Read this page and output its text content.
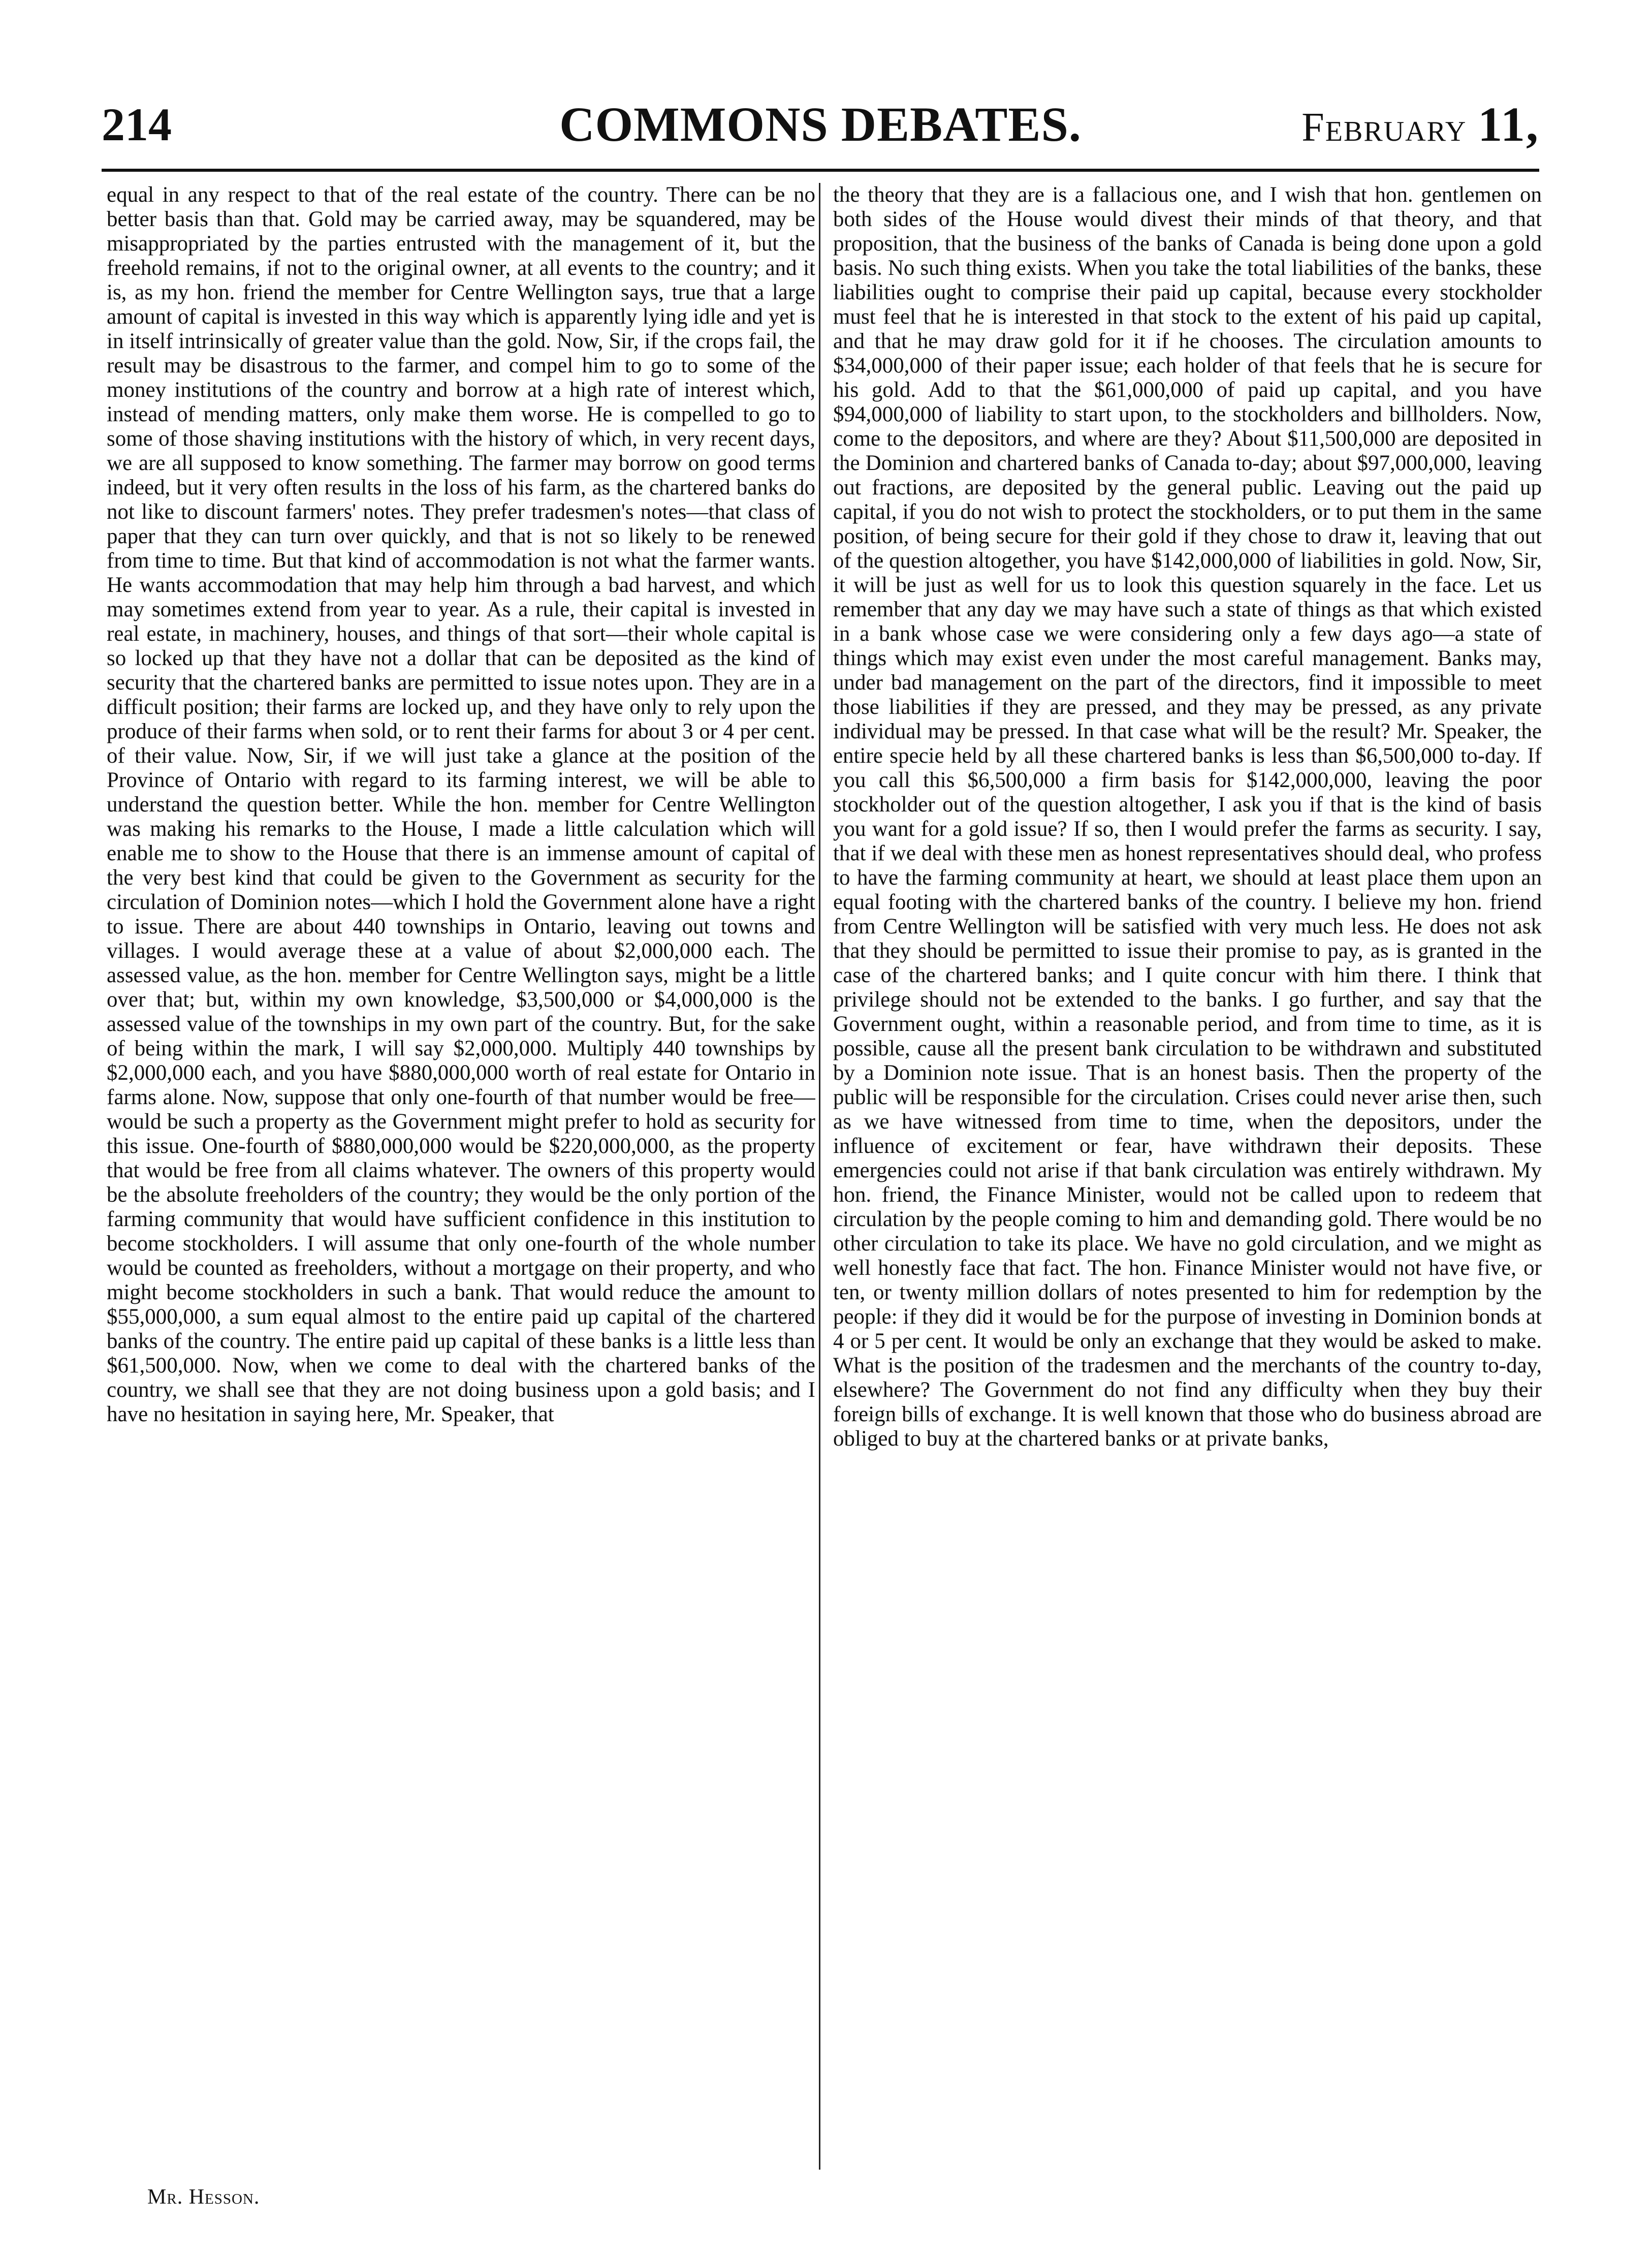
214	COMMONS DEBATES.	February 11,

equal in any respect to that of the real estate of the country. There can be no better basis than that. Gold may be carried away, may be squandered, may be misappropriated by the parties entrusted with the management of it, but the freehold remains, if not to the original owner, at all events to the country; and it is, as my hon. friend the member for Centre Wellington says, true that a large amount of capital is invested in this way which is apparently lying idle and yet is in itself intrinsically of greater value than the gold. Now, Sir, if the crops fail, the result may be disastrous to the farmer, and compel him to go to some of the money institutions of the country and borrow at a high rate of interest which, instead of mending matters, only make them worse. He is compelled to go to some of those shaving institutions with the history of which, in very recent days, we are all supposed to know something. The farmer may borrow on good terms indeed, but it very often results in the loss of his farm, as the chartered banks do not like to discount farmers' notes. They prefer tradesmen's notes—that class of paper that they can turn over quickly, and that is not so likely to be renewed from time to time. But that kind of accommodation is not what the farmer wants. He wants accommodation that may help him through a bad harvest, and which may sometimes extend from year to year. As a rule, their capital is invested in real estate, in machinery, houses, and things of that sort—their whole capital is so locked up that they have not a dollar that can be deposited as the kind of security that the chartered banks are permitted to issue notes upon. They are in a difficult position; their farms are locked up, and they have only to rely upon the produce of their farms when sold, or to rent their farms for about 3 or 4 per cent. of their value. Now, Sir, if we will just take a glance at the position of the Province of Ontario with regard to its farming interest, we will be able to understand the question better. While the hon. member for Centre Wellington was making his remarks to the House, I made a little calculation which will enable me to show to the House that there is an immense amount of capital of the very best kind that could be given to the Government as security for the circulation of Dominion notes—which I hold the Government alone have a right to issue. There are about 440 townships in Ontario, leaving out towns and villages. I would average these at a value of about $2,000,000 each. The assessed value, as the hon. member for Centre Wellington says, might be a little over that; but, within my own knowledge, $3,500,000 or $4,000,000 is the assessed value of the townships in my own part of the country. But, for the sake of being within the mark, I will say $2,000,000. Multiply 440 townships by $2,000,000 each, and you have $880,000,000 worth of real estate for Ontario in farms alone. Now, suppose that only one-fourth of that number would be free—would be such a property as the Government might prefer to hold as security for this issue. One-fourth of $880,000,000 would be $220,000,000, as the property that would be free from all claims whatever. The owners of this property would be the absolute freeholders of the country; they would be the only portion of the farming community that would have sufficient confidence in this institution to become stockholders. I will assume that only one-fourth of the whole number would be counted as freeholders, without a mortgage on their property, and who might become stockholders in such a bank. That would reduce the amount to $55,000,000, a sum equal almost to the entire paid up capital of the chartered banks of the country. The entire paid up capital of these banks is a little less than $61,500,000. Now, when we come to deal with the chartered banks of the country, we shall see that they are not doing business upon a gold basis; and I have no hesitation in saying here, Mr. Speaker, that

the theory that they are is a fallacious one, and I wish that hon. gentlemen on both sides of the House would divest their minds of that theory, and that proposition, that the business of the banks of Canada is being done upon a gold basis. No such thing exists. When you take the total liabilities of the banks, these liabilities ought to comprise their paid up capital, because every stockholder must feel that he is interested in that stock to the extent of his paid up capital, and that he may draw gold for it if he chooses. The circulation amounts to $34,000,000 of their paper issue; each holder of that feels that he is secure for his gold. Add to that the $61,000,000 of paid up capital, and you have $94,000,000 of liability to start upon, to the stockholders and billholders. Now, come to the depositors, and where are they? About $11,500,000 are deposited in the Dominion and chartered banks of Canada to-day; about $97,000,000, leaving out fractions, are deposited by the general public. Leaving out the paid up capital, if you do not wish to protect the stockholders, or to put them in the same position, of being secure for their gold if they chose to draw it, leaving that out of the question altogether, you have $142,000,000 of liabilities in gold. Now, Sir, it will be just as well for us to look this question squarely in the face. Let us remember that any day we may have such a state of things as that which existed in a bank whose case we were considering only a few days ago—a state of things which may exist even under the most careful management. Banks may, under bad management on the part of the directors, find it impossible to meet those liabilities if they are pressed, and they may be pressed, as any private individual may be pressed. In that case what will be the result? Mr. Speaker, the entire specie held by all these chartered banks is less than $6,500,000 to-day. If you call this $6,500,000 a firm basis for $142,000,000, leaving the poor stockholder out of the question altogether, I ask you if that is the kind of basis you want for a gold issue? If so, then I would prefer the farms as security. I say, that if we deal with these men as honest representatives should deal, who profess to have the farming community at heart, we should at least place them upon an equal footing with the chartered banks of the country. I believe my hon. friend from Centre Wellington will be satisfied with very much less. He does not ask that they should be permitted to issue their promise to pay, as is granted in the case of the chartered banks; and I quite concur with him there. I think that privilege should not be extended to the banks. I go further, and say that the Government ought, within a reasonable period, and from time to time, as it is possible, cause all the present bank circulation to be withdrawn and substituted by a Dominion note issue. That is an honest basis. Then the property of the public will be responsible for the circulation. Crises could never arise then, such as we have witnessed from time to time, when the depositors, under the influence of excitement or fear, have withdrawn their deposits. These emergencies could not arise if that bank circulation was entirely withdrawn. My hon. friend, the Finance Minister, would not be called upon to redeem that circulation by the people coming to him and demanding gold. There would be no other circulation to take its place. We have no gold circulation, and we might as well honestly face that fact. The hon. Finance Minister would not have five, or ten, or twenty million dollars of notes presented to him for redemption by the people: if they did it would be for the purpose of investing in Dominion bonds at 4 or 5 per cent. It would be only an exchange that they would be asked to make. What is the position of the tradesmen and the merchants of the country to-day, elsewhere? The Government do not find any difficulty when they buy their foreign bills of exchange. It is well known that those who do business abroad are obliged to buy at the chartered banks or at private banks,

Mr. Hesson.
